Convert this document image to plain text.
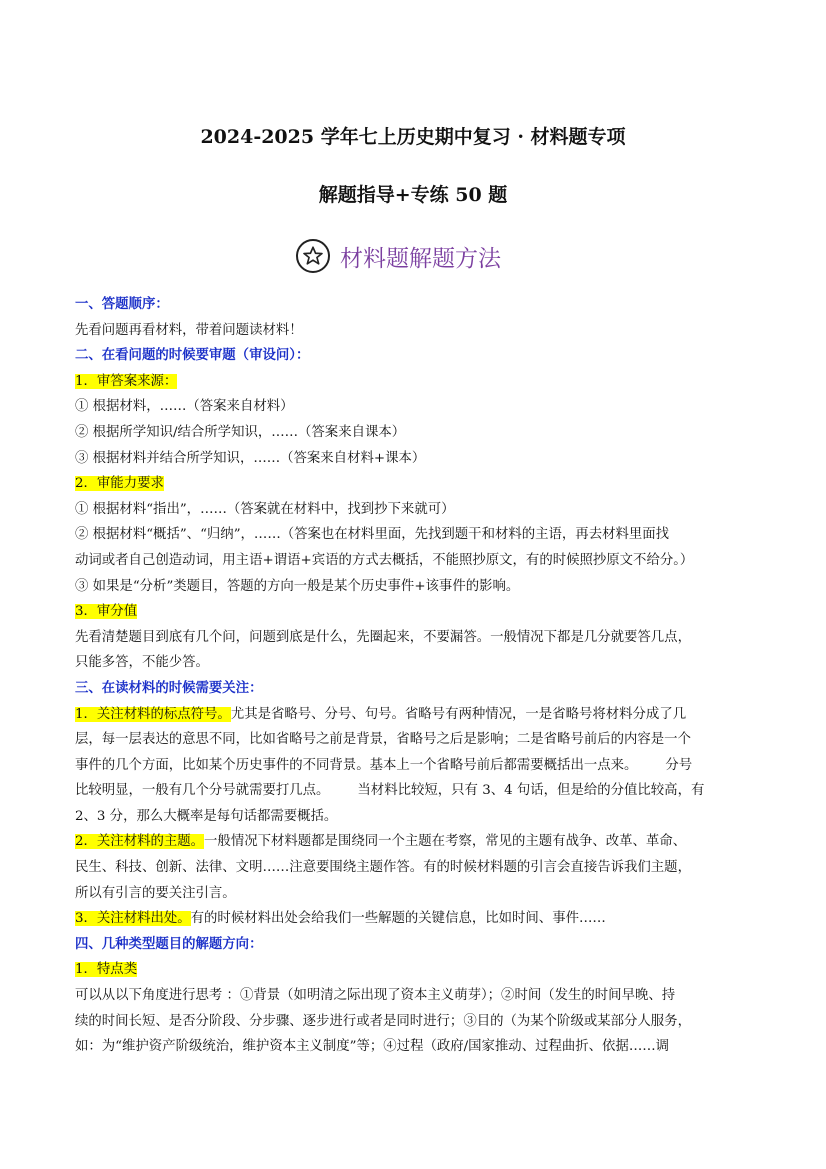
2024-2025 学年七上历史期中复习 · 材料题专项
解题指导+专练 50 题
材料题解题方法
一、答题顺序：
先看问题再看材料，带着问题读材料！
二、在看问题的时候要审题（审设问）：
1．审答案来源：
① 根据材料，……（答案来自材料）
② 根据所学知识/结合所学知识，……（答案来自课本）
③ 根据材料并结合所学知识，……（答案来自材料+课本）
2．审能力要求
① 根据材料“指出”，……（答案就在材料中，找到抄下来就可）
② 根据材料“概括”、“归纳”，……（答案也在材料里面，先找到题干和材料的主语，再去材料里面找
动词或者自己创造动词，用主语+谓语+宾语的方式去概括，不能照抄原文，有的时候照抄原文不给分。）
③ 如果是“分析”类题目，答题的方向一般是某个历史事件+该事件的影响。
3．审分值
先看清楚题目到底有几个问，问题到底是什么，先圈起来，不要漏答。一般情况下都是几分就要答几点，
只能多答，不能少答。
三、在读材料的时候需要关注：
1．关注材料的标点符号。尤其是省略号、分号、句号。省略号有两种情况，一是省略号将材料分成了几
层，每一层表达的意思不同，比如省略号之前是背景，省略号之后是影响；二是省略号前后的内容是一个
事件的几个方面，比如某个历史事件的不同背景。基本上一个省略号前后都需要概括出一点来。 分号
比较明显，一般有几个分号就需要打几点。 当材料比较短，只有 3、4 句话，但是给的分值比较高，有
2、3 分，那么大概率是每句话都需要概括。
2．关注材料的主题。一般情况下材料题都是围绕同一个主题在考察，常见的主题有战争、改革、革命、
民生、科技、创新、法律、文明……注意要围绕主题作答。有的时候材料题的引言会直接告诉我们主题，
所以有引言的要关注引言。
3．关注材料出处。有的时候材料出处会给我们一些解题的关键信息，比如时间、事件……
四、几种类型题目的解题方向：
1．特点类
可以从以下角度进行思考 ：①背景（如明清之际出现了资本主义萌芽）；②时间（发生的时间早晚、持
续的时间长短、是否分阶段、分步骤、逐步进行或者是同时进行；③目的（为某个阶级或某部分人服务，
如：为“维护资产阶级统治，维护资本主义制度”等；④过程（政府/国家推动、过程曲折、依据……调
